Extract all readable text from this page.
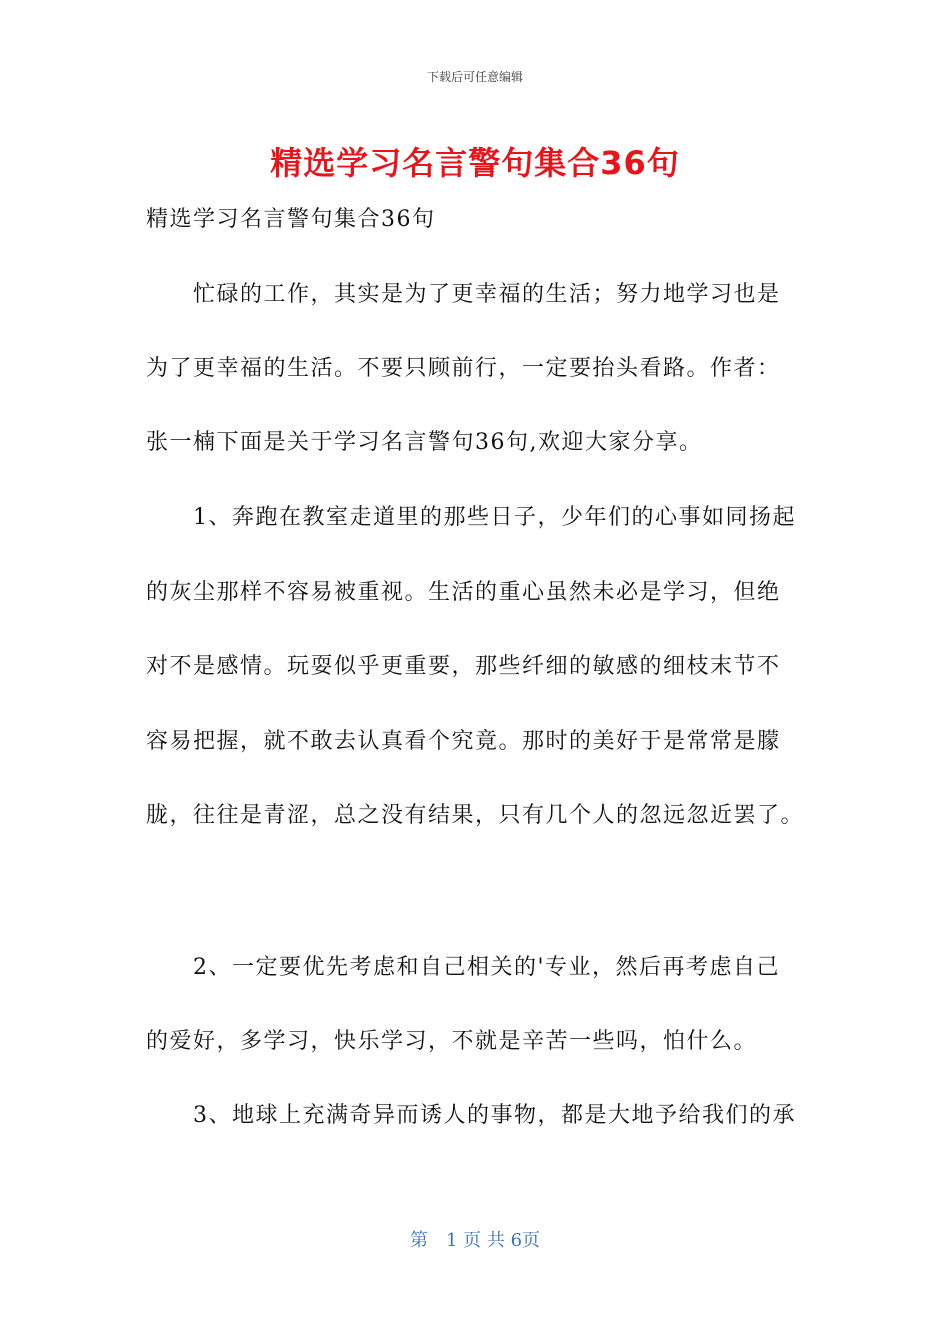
下载后可任意编辑
精选学习名言警句集合36句
精选学习名言警句集合36句
　　忙碌的工作，其实是为了更幸福的生活；努力地学习也是
为了更幸福的生活。不要只顾前行，一定要抬头看路。作者：
张一楠下面是关于学习名言警句36句,欢迎大家分享。
　　1、奔跑在教室走道里的那些日子，少年们的心事如同扬起
的灰尘那样不容易被重视。生活的重心虽然未必是学习，但绝
对不是感情。玩耍似乎更重要，那些纤细的敏感的细枝末节不
容易把握，就不敢去认真看个究竟。那时的美好于是常常是朦
胧，往往是青涩，总之没有结果，只有几个人的忽远忽近罢了。
　　2、一定要优先考虑和自己相关的'专业，然后再考虑自己
的爱好，多学习，快乐学习，不就是辛苦一些吗，怕什么。
　　3、地球上充满奇异而诱人的事物，都是大地予给我们的承
第　1 页 共 6页
